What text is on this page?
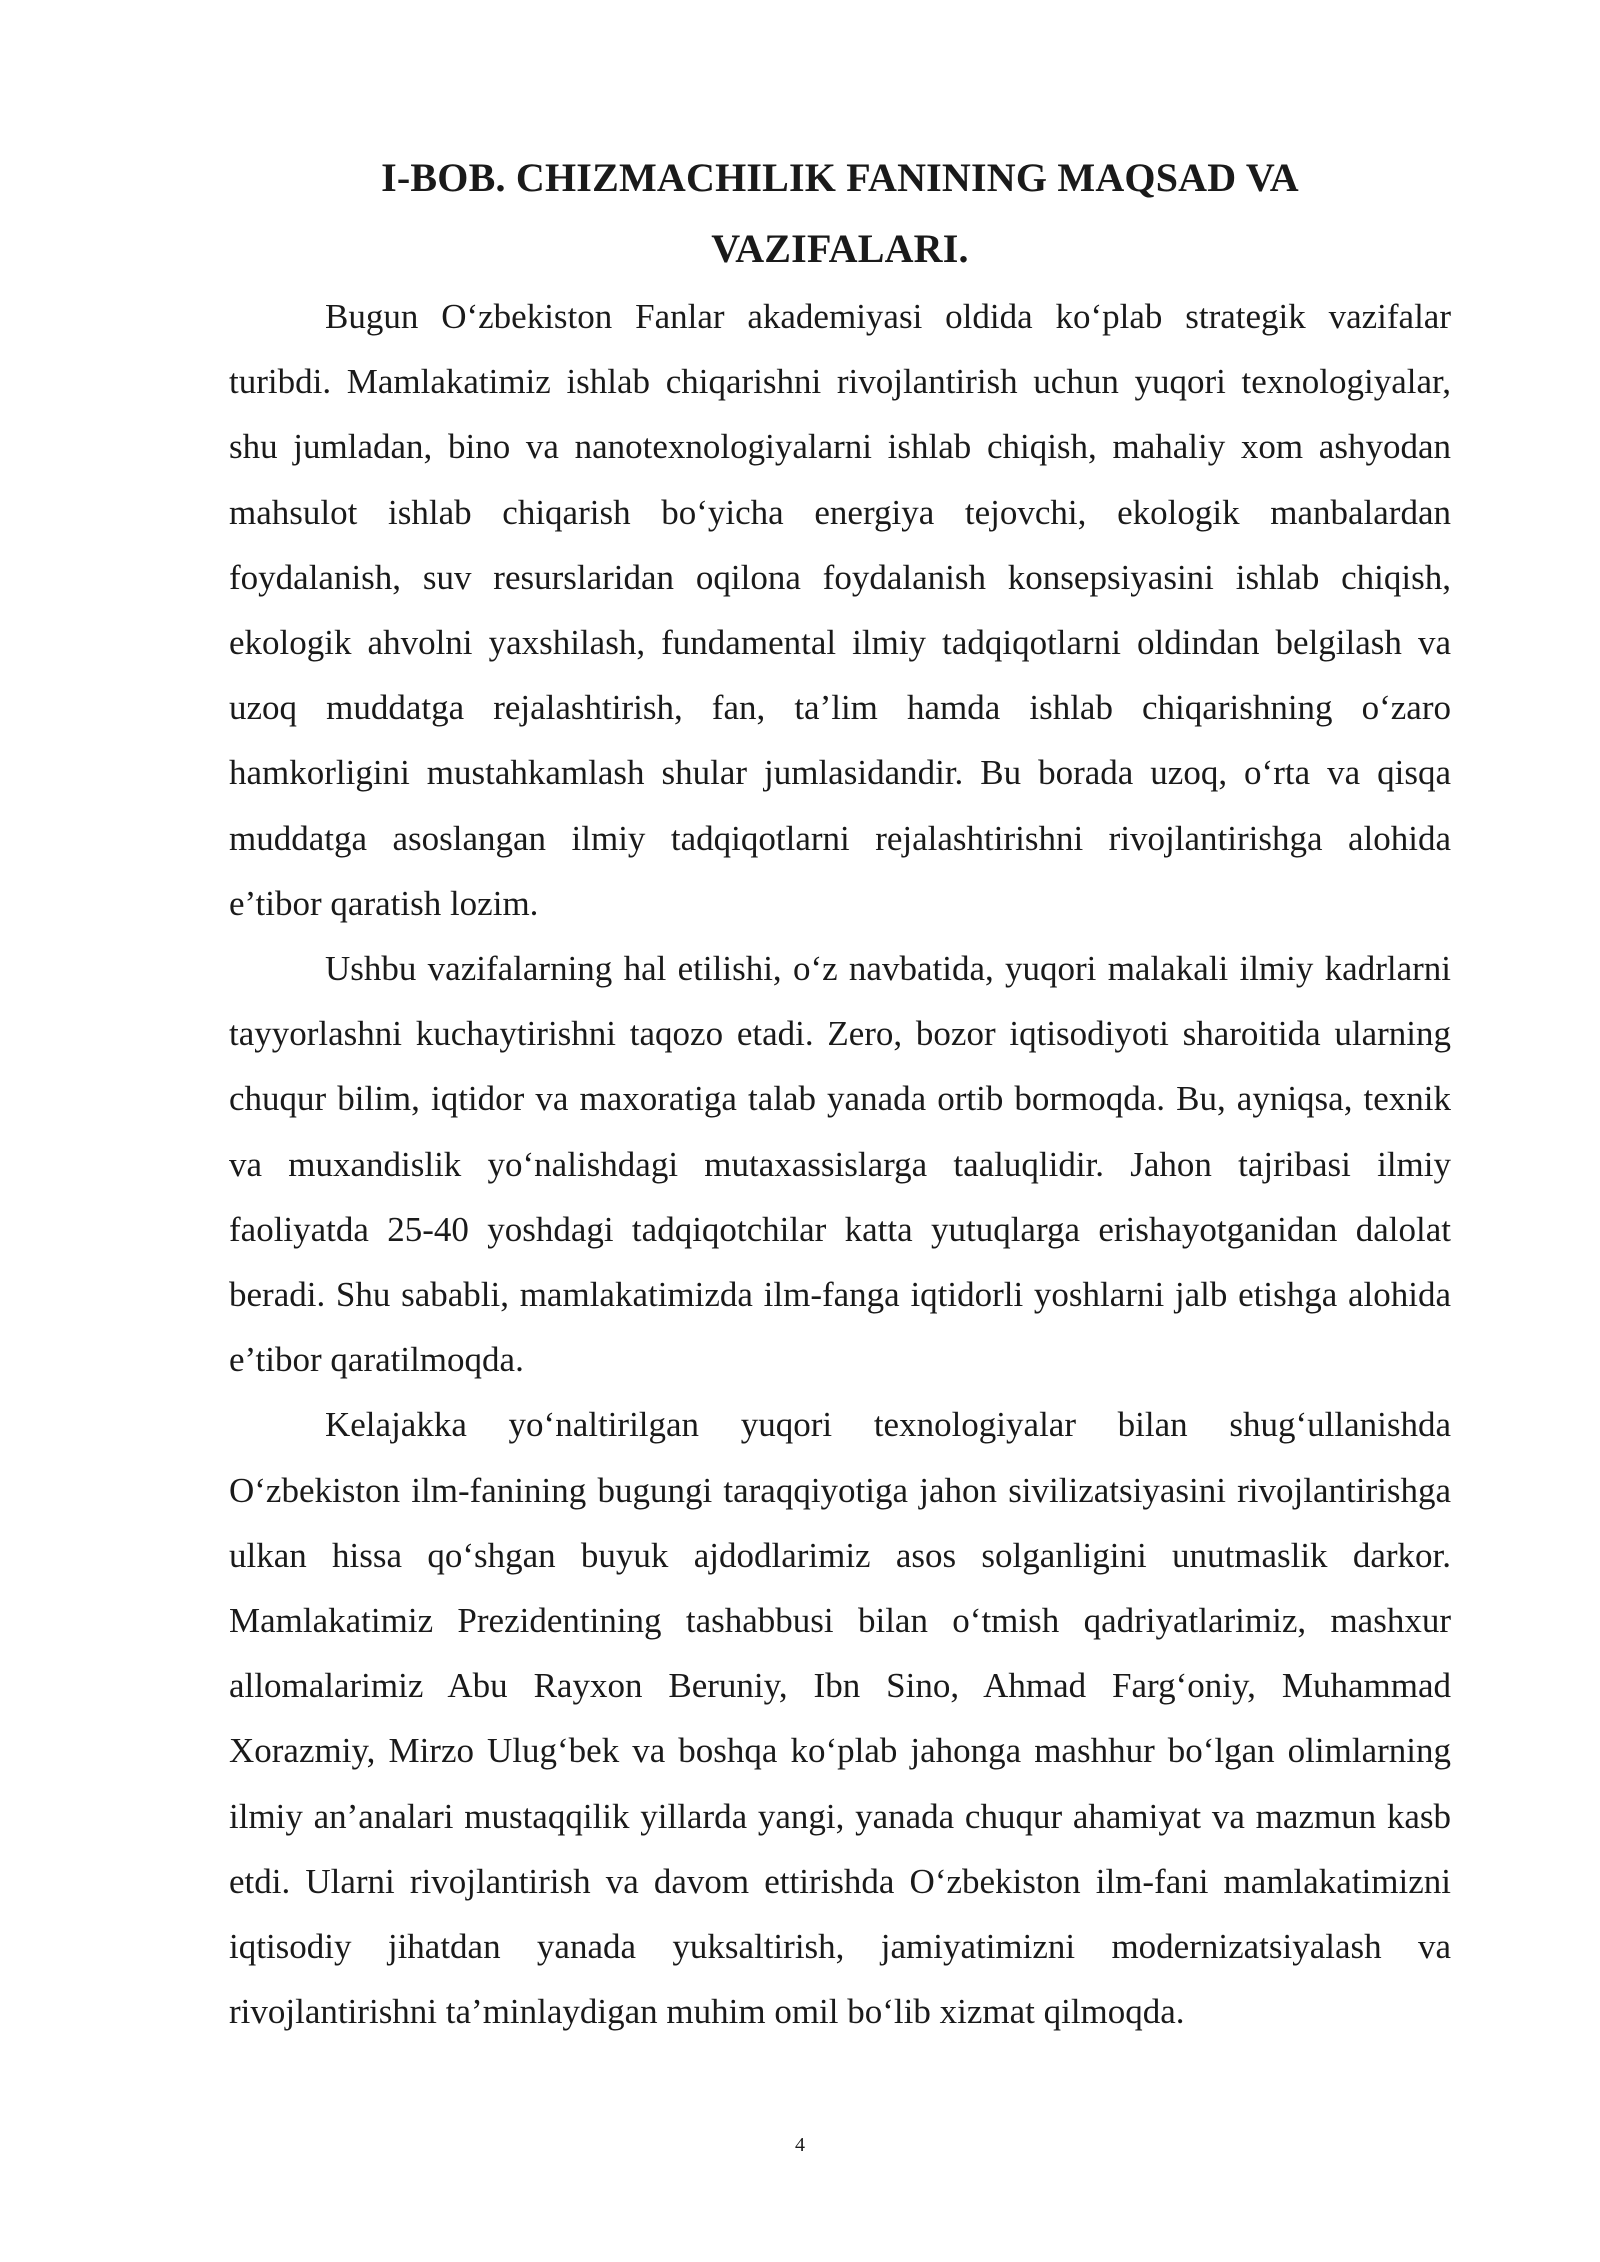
I-BOB. CHIZMACHILIK FANINING MAQSAD VA
VAZIFALARI.

Bugun O‘zbekiston Fanlar akademiyasi oldida ko‘plab strategik vazifalar turibdi. Mamlakatimiz ishlab chiqarishni rivojlantirish uchun yuqori texnologiyalar, shu jumladan, bino va nanotexnologiyalarni ishlab chiqish, mahaliy xom ashyodan mahsulot ishlab chiqarish bo‘yicha energiya tejovchi, ekologik manbalardan foydalanish, suv resurslaridan oqilona foydalanish konsepsiyasini ishlab chiqish, ekologik ahvolni yaxshilash, fundamental ilmiy tadqiqotlarni oldindan belgilash va uzoq muddatga rejalashtirish, fan, ta’lim hamda ishlab chiqarishning o‘zaro hamkorligini mustahkamlash shular jumlasidandir. Bu borada uzoq, o‘rta va qisqa muddatga asoslangan ilmiy tadqiqotlarni rejalashtirishni rivojlantirishga alohida e’tibor qaratish lozim.

Ushbu vazifalarning hal etilishi, o‘z navbatida, yuqori malakali ilmiy kadrlarni tayyorlashni kuchaytirishni taqozo etadi. Zero, bozor iqtisodiyoti sharoitida ularning chuqur bilim, iqtidor va maxoratiga talab yanada ortib bormoqda. Bu, ayniqsa, texnik va muxandislik yo‘nalishdagi mutaxassislarga taaluqlidir. Jahon tajribasi ilmiy faoliyatda 25-40 yoshdagi tadqiqotchilar katta yutuqlarga erishayotganidan dalolat beradi. Shu sababli, mamlakatimizda ilm-fanga iqtidorli yoshlarni jalb etishga alohida e’tibor qaratilmoqda.

Kelajakka yo‘naltirilgan yuqori texnologiyalar bilan shug‘ullanishda O‘zbekiston ilm-fanining bugungi taraqqiyotiga jahon sivilizatsiyasini rivojlantirishga ulkan hissa qo‘shgan buyuk ajdodlarimiz asos solganligini unutmaslik darkor. Mamlakatimiz Prezidentining tashabbusi bilan o‘tmish qadriyatlarimiz, mashxur allomalarimiz Abu Rayxon Beruniy, Ibn Sino, Ahmad Farg‘oniy, Muhammad Xorazmiy, Mirzo Ulug‘bek va boshqa ko‘plab jahonga mashhur bo‘lgan olimlarning ilmiy an’analari mustaqqilik yillarda yangi, yanada chuqur ahamiyat va mazmun kasb etdi. Ularni rivojlantirish va davom ettirishda O‘zbekiston ilm-fani mamlakatimizni iqtisodiy jihatdan yanada yuksaltirish, jamiyatimizni modernizatsiyalash va rivojlantirishni ta’minlaydigan muhim omil bo‘lib xizmat qilmoqda.

4
